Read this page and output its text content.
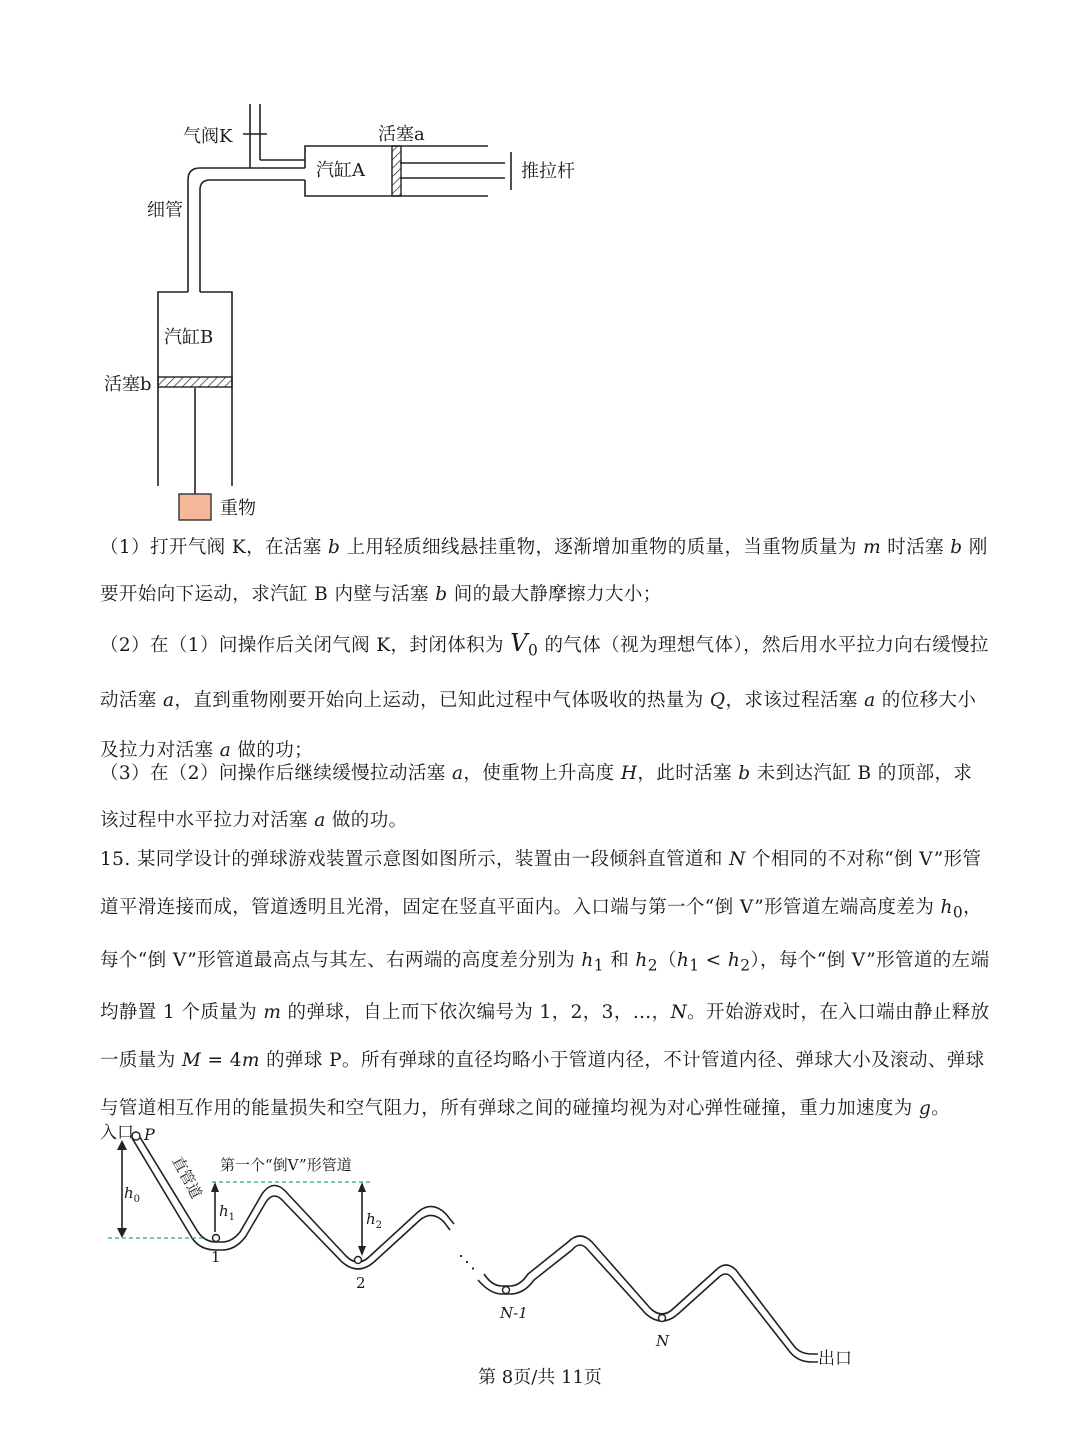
气阀K	活塞a
汽缸A	推拉杆
细管
汽缸B
活塞b
重物

（1）打开气阀 K，在活塞 b 上用轻质细线悬挂重物，逐渐增加重物的质量，当重物质量为 m 时活塞 b 刚要开始向下运动，求汽缸 B 内壁与活塞 b 间的最大静摩擦力大小；

（2）在（1）问操作后关闭气阀 K，封闭体积为 $V_0$ 的气体（视为理想气体），然后用水平拉力向右缓慢拉动活塞 a，直到重物刚要开始向上运动，已知此过程中气体吸收的热量为 Q，求该过程活塞 a 的位移大小及拉力对活塞 a 做的功；

（3）在（2）问操作后继续缓慢拉动活塞 a，使重物上升高度 H，此时活塞 b 未到达汽缸 B 的顶部，求该过程中水平拉力对活塞 a 做的功。

15. 某同学设计的弹球游戏装置示意图如图所示，装置由一段倾斜直管道和 N 个相同的不对称“倒 V”形管道平滑连接而成，管道透明且光滑，固定在竖直平面内。入口端与第一个“倒 V”形管道左端高度差为 $h_0$，每个“倒 V”形管道最高点与其左、右两端的高度差分别为 $h_1$ 和 $h_2(h_1 < h_2)$，每个“倒 V”形管道的左端均静置 1 个质量为 m 的弹球，自上而下依次编号为 1，2，3，…，N。开始游戏时，在入口端由静止释放一质量为 M = 4m 的弹球 P。所有弹球的直径均略小于管道内径，不计管道内径、弹球大小及滚动、弹球与管道相互作用的能量损失和空气阻力，所有弹球之间的碰撞均视为对心弹性碰撞，重力加速度为 g。

入口 P
直管道 第一个“倒V”形管道
$h_0$
$h_1$	$h_2$
1
2
⋱
N-1
N
出口
第 8页/共 11页
